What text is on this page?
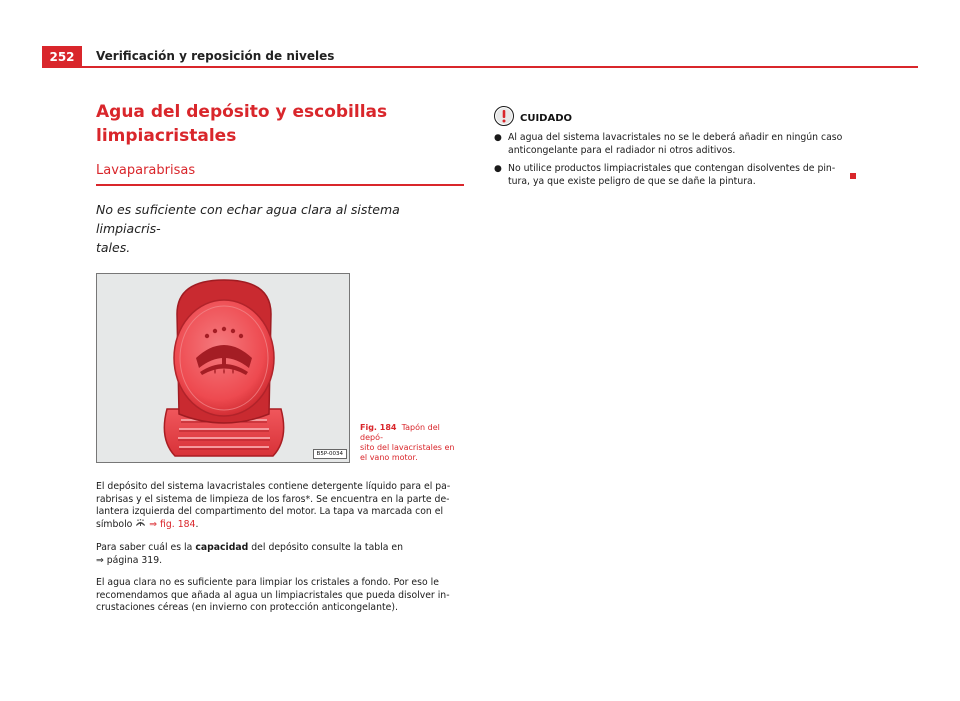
252	Verificación y reposición de niveles
Agua del depósito y escobillas
limpiacristales
Lavaparabrisas
No es suficiente con echar agua clara al sistema limpiacris-
tales.
B5P-0034
Fig. 184 Tapón del depó-
sito del lavacristales en
el vano motor.
El depósito del sistema lavacristales contiene detergente líquido para el pa-
rabrisas y el sistema de limpieza de los faros*. Se encuentra en la parte de-
lantera izquierda del compartimento del motor. La tapa va marcada con el
símbolo ⇒ fig. 184.
Para saber cuál es la capacidad del depósito consulte la tabla en
⇒ página 319.
El agua clara no es suficiente para limpiar los cristales a fondo. Por eso le
recomendamos que añada al agua un limpiacristales que pueda disolver in-
crustaciones céreas (en invierno con protección anticongelante).
CUIDADO
● Al agua del sistema lavacristales no se le deberá añadir en ningún caso
anticongelante para el radiador ni otros aditivos.
● No utilice productos limpiacristales que contengan disolventes de pin-
tura, ya que existe peligro de que se dañe la pintura.
